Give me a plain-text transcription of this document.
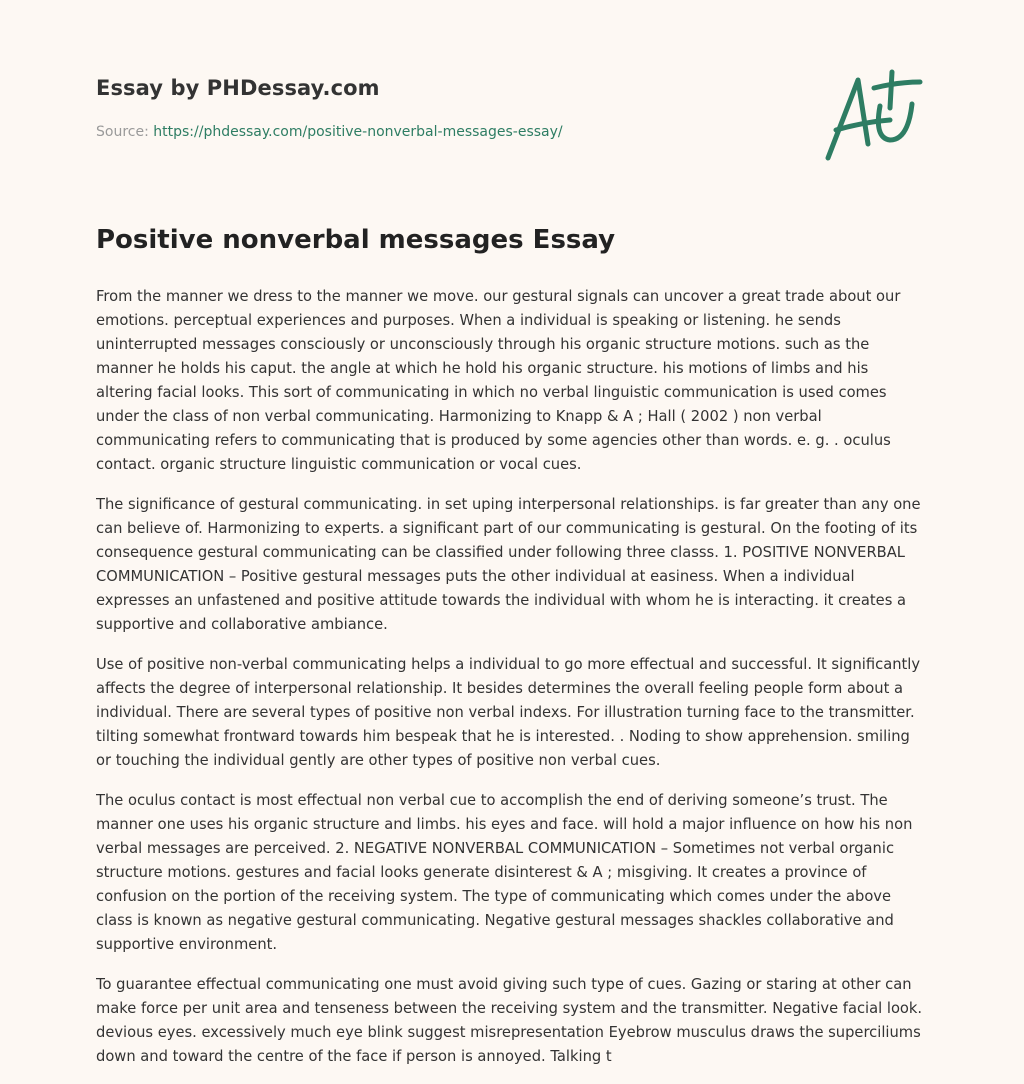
Essay by PHDessay.com

Source: https://phdessay.com/positive-nonverbal-messages-essay/

Positive nonverbal messages Essay

From the manner we dress to the manner we move. our gestural signals can uncover a great trade about our emotions. perceptual experiences and purposes. When a individual is speaking or listening. he sends uninterrupted messages consciously or unconsciously through his organic structure motions. such as the manner he holds his caput. the angle at which he hold his organic structure. his motions of limbs and his altering facial looks. This sort of communicating in which no verbal linguistic communication is used comes under the class of non verbal communicating. Harmonizing to Knapp & A ; Hall ( 2002 ) non verbal communicating refers to communicating that is produced by some agencies other than words. e. g. . oculus contact. organic structure linguistic communication or vocal cues.

The significance of gestural communicating. in set uping interpersonal relationships. is far greater than any one can believe of. Harmonizing to experts. a significant part of our communicating is gestural. On the footing of its consequence gestural communicating can be classified under following three classs. 1. POSITIVE NONVERBAL COMMUNICATION – Positive gestural messages puts the other individual at easiness. When a individual expresses an unfastened and positive attitude towards the individual with whom he is interacting. it creates a supportive and collaborative ambiance.

Use of positive non-verbal communicating helps a individual to go more effectual and successful. It significantly affects the degree of interpersonal relationship. It besides determines the overall feeling people form about a individual. There are several types of positive non verbal indexs. For illustration turning face to the transmitter. tilting somewhat frontward towards him bespeak that he is interested. . Noding to show apprehension. smiling or touching the individual gently are other types of positive non verbal cues.

The oculus contact is most effectual non verbal cue to accomplish the end of deriving someone’s trust. The manner one uses his organic structure and limbs. his eyes and face. will hold a major influence on how his non verbal messages are perceived. 2. NEGATIVE NONVERBAL COMMUNICATION – Sometimes not verbal organic structure motions. gestures and facial looks generate disinterest & A ; misgiving. It creates a province of confusion on the portion of the receiving system. The type of communicating which comes under the above class is known as negative gestural communicating. Negative gestural messages shackles collaborative and supportive environment.

To guarantee effectual communicating one must avoid giving such type of cues. Gazing or staring at other can make force per unit area and tenseness between the receiving system and the transmitter. Negative facial look. devious eyes. excessively much eye blink suggest misrepresentation Eyebrow musculus draws the superciliums down and toward the centre of the face if person is annoyed. Talking t
